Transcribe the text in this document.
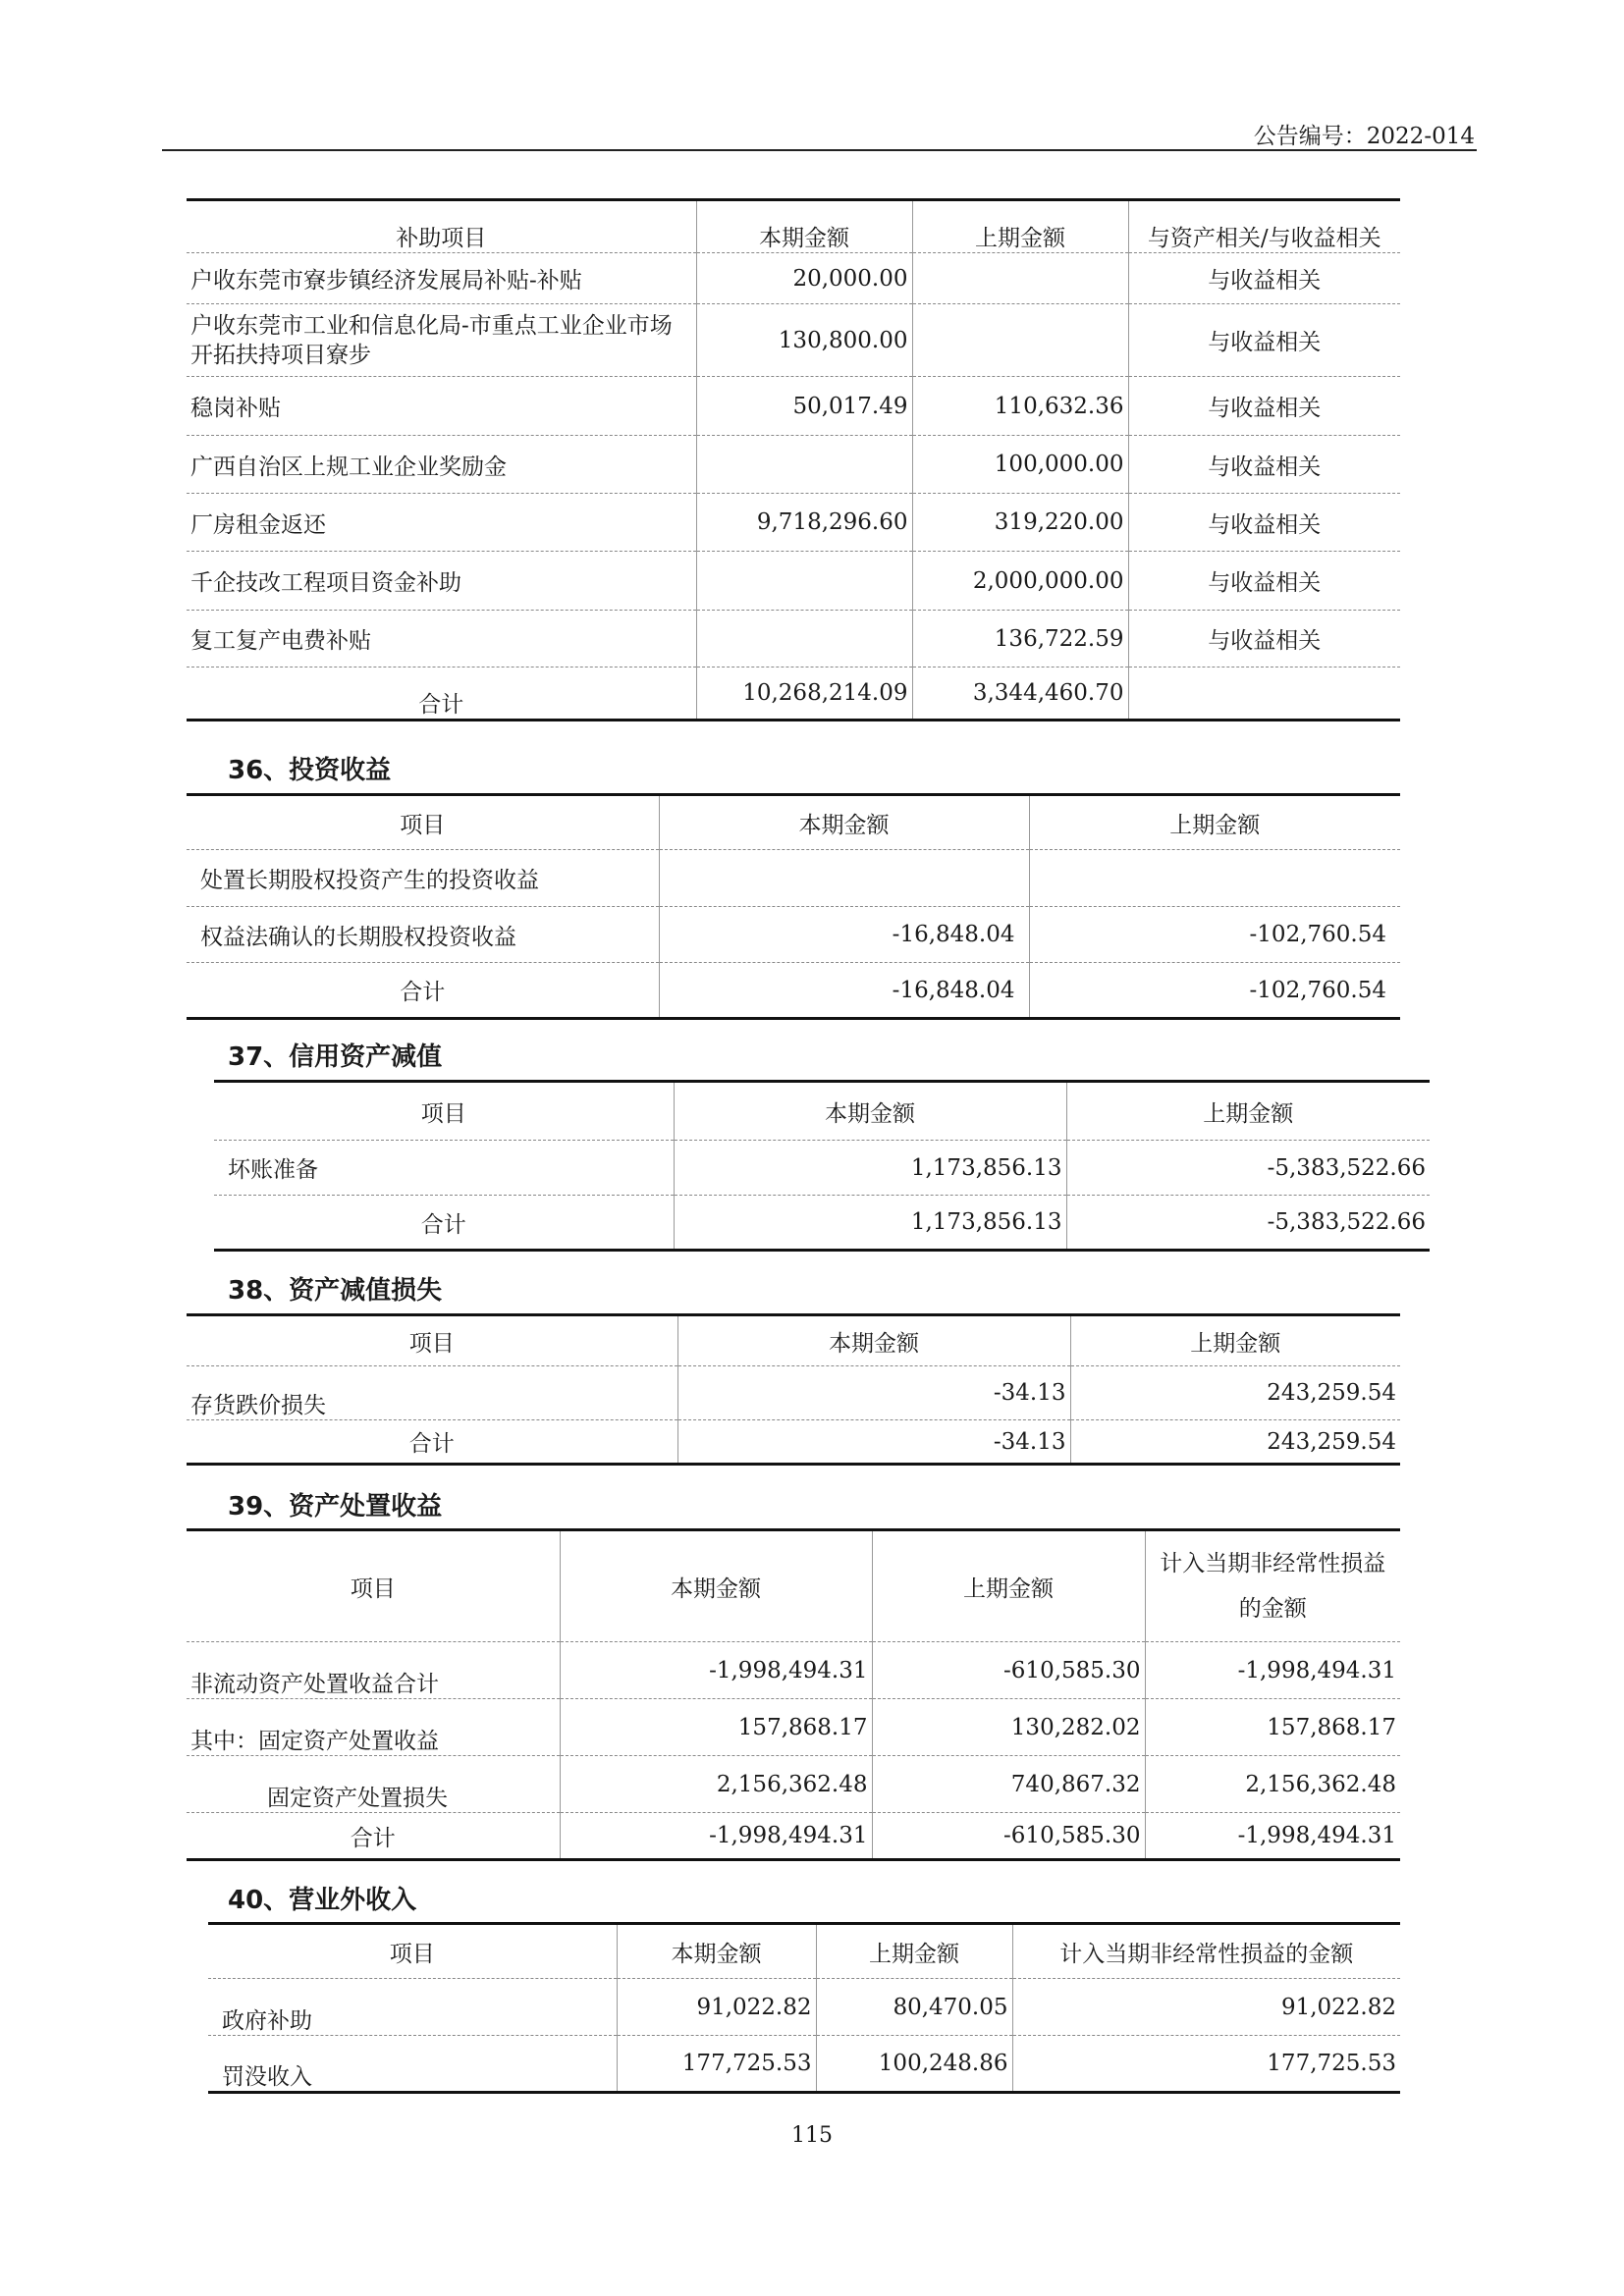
公告编号：2022-014
补助项目	本期金额	上期金额	与资产相关/与收益相关
户收东莞市寮步镇经济发展局补贴-补贴	20,000.00		与收益相关
户收东莞市工业和信息化局-市重点工业企业市场开拓扶持项目寮步	130,800.00		与收益相关
稳岗补贴	50,017.49	110,632.36	与收益相关
广西自治区上规工业企业奖励金		100,000.00	与收益相关
厂房租金返还	9,718,296.60	319,220.00	与收益相关
千企技改工程项目资金补助		2,000,000.00	与收益相关
复工复产电费补贴		136,722.59	与收益相关
合计	10,268,214.09	3,344,460.70	
36、投资收益
项目	本期金额	上期金额
处置长期股权投资产生的投资收益		
权益法确认的长期股权投资收益	-16,848.04	-102,760.54
合计	-16,848.04	-102,760.54
37、信用资产减值
项目	本期金额	上期金额
坏账准备	1,173,856.13	-5,383,522.66
合计	1,173,856.13	-5,383,522.66
38、资产减值损失
项目	本期金额	上期金额
存货跌价损失	-34.13	243,259.54
合计	-34.13	243,259.54
39、资产处置收益
项目	本期金额	上期金额	计入当期非经常性损益的金额
非流动资产处置收益合计	-1,998,494.31	-610,585.30	-1,998,494.31
其中：固定资产处置收益	157,868.17	130,282.02	157,868.17
固定资产处置损失	2,156,362.48	740,867.32	2,156,362.48
合计	-1,998,494.31	-610,585.30	-1,998,494.31
40、营业外收入
项目	本期金额	上期金额	计入当期非经常性损益的金额
政府补助	91,022.82	80,470.05	91,022.82
罚没收入	177,725.53	100,248.86	177,725.53
115
